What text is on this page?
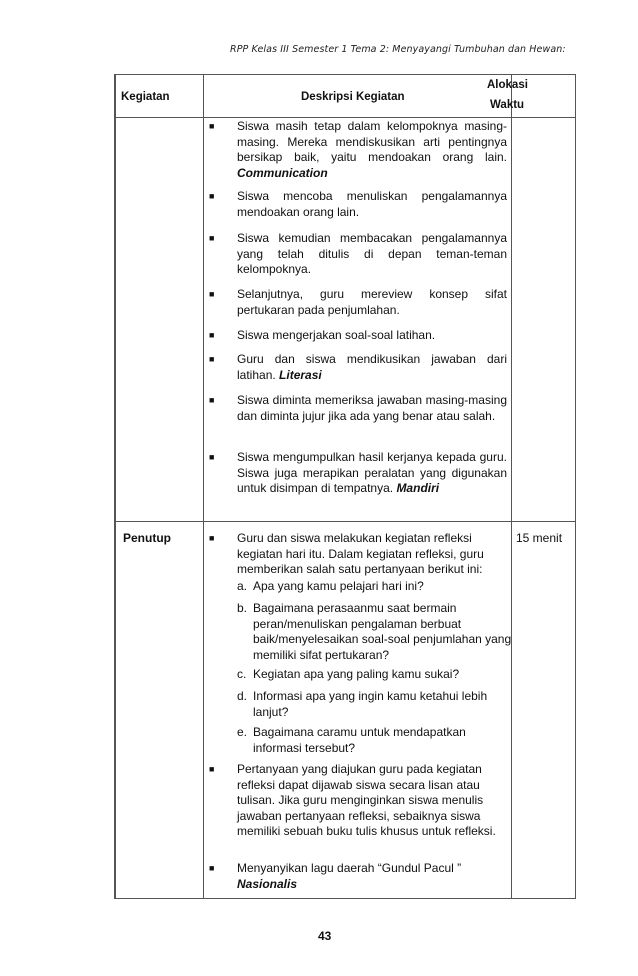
RPP Kelas III Semester 1 Tema 2: Menyayangi Tumbuhan dan Hewan:
Kegiatan	Deskripsi Kegiatan
Alokasi
Waktu
■ Siswa masih tetap dalam kelompoknya masing-masing. Mereka mendiskusikan arti pentingnya bersikap baik, yaitu mendoakan orang lain. Communication
■ Siswa mencoba menuliskan pengalamannya mendoakan orang lain.
■ Siswa kemudian membacakan pengalamannya yang telah ditulis di depan teman-teman kelompoknya.
■ Selanjutnya, guru mereview konsep sifat pertukaran pada penjumlahan.
■ Siswa mengerjakan soal-soal latihan.
■ Guru dan siswa mendikusikan jawaban dari latihan. Literasi
■ Siswa diminta memeriksa jawaban masing-masing dan diminta jujur jika ada yang benar atau salah.
■ Siswa mengumpulkan hasil kerjanya kepada guru. Siswa juga merapikan peralatan yang digunakan untuk disimpan di tempatnya. Mandiri
Penutup	15 menit
■ Guru dan siswa melakukan kegiatan refleksi kegiatan hari itu. Dalam kegiatan refleksi, guru memberikan salah satu pertanyaan berikut ini:
a. Apa yang kamu pelajari hari ini?
b. Bagaimana perasaanmu saat bermain peran/menuliskan pengalaman berbuat baik/menyelesaikan soal-soal penjumlahan yang memiliki sifat pertukaran?
c. Kegiatan apa yang paling kamu sukai?
d. Informasi apa yang ingin kamu ketahui lebih lanjut?
e. Bagaimana caramu untuk mendapatkan informasi tersebut?
■ Pertanyaan yang diajukan guru pada kegiatan refleksi dapat dijawab siswa secara lisan atau tulisan. Jika guru menginginkan siswa menulis jawaban pertanyaan refleksi, sebaiknya siswa memiliki sebuah buku tulis khusus untuk refleksi.
■ Menyanyikan lagu daerah “Gundul Pacul ”
Nasionalis
43
